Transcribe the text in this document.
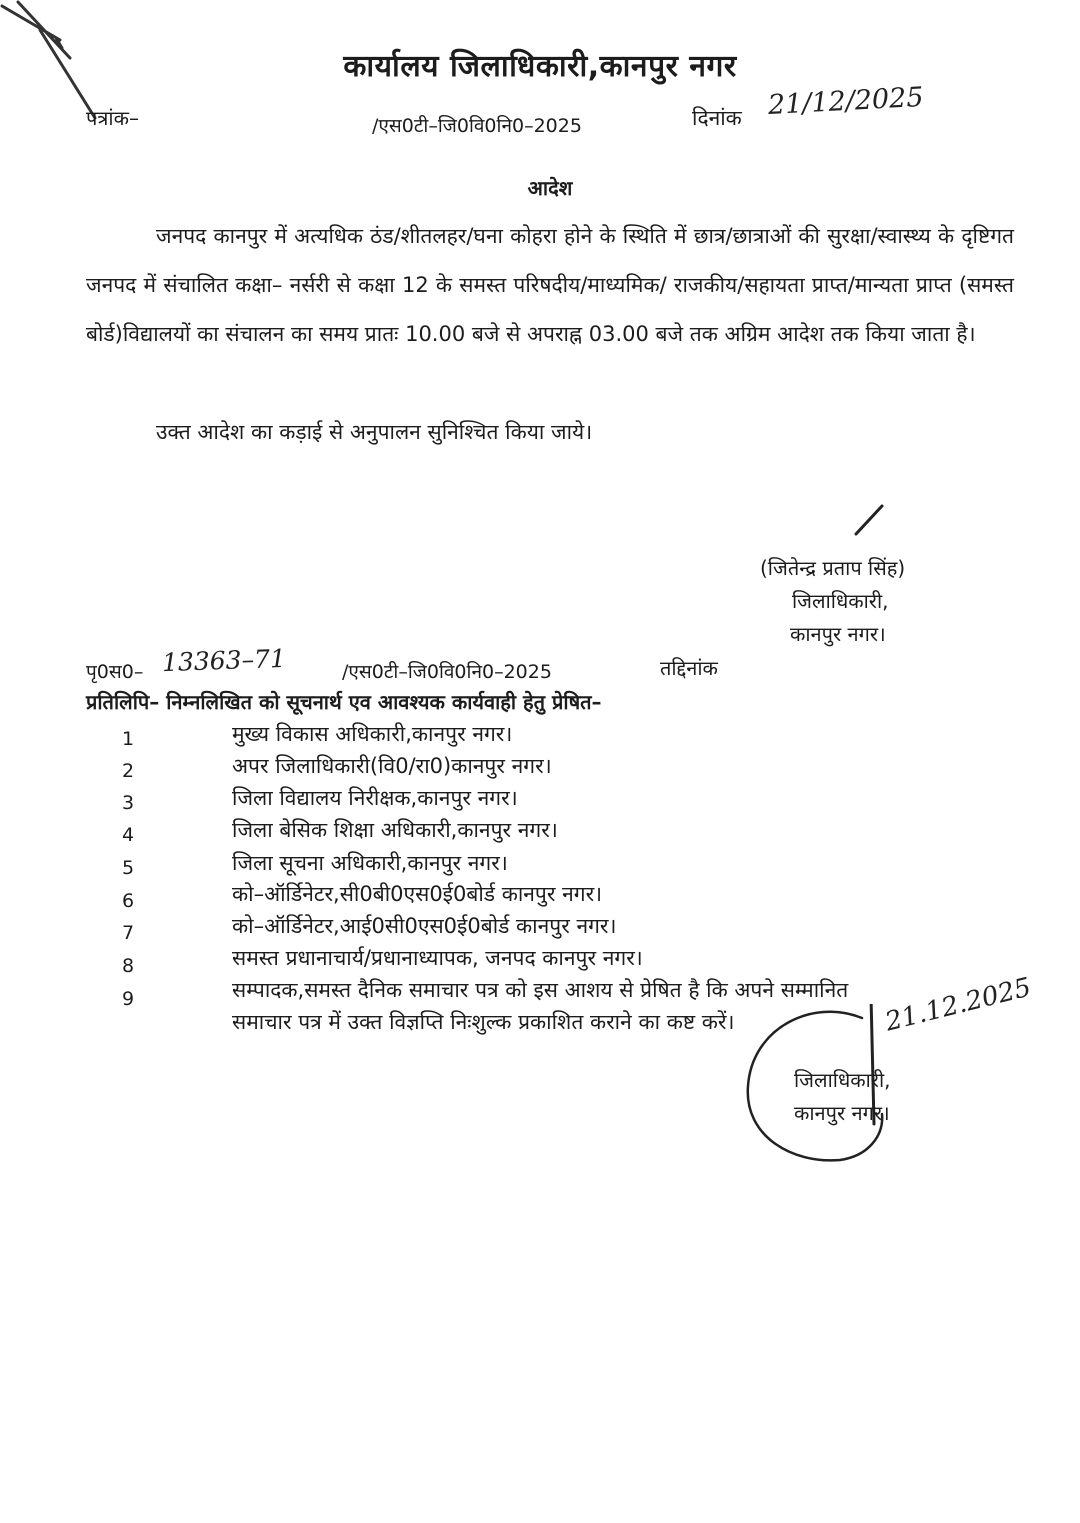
कार्यालय जिलाधिकारी,कानपुर नगर
पत्रांक–	/एस0टी–जि0वि0नि0–2025	दिनांक 21/12/2025
आदेश
जनपद कानपुर में अत्यधिक ठंड/शीतलहर/घना कोहरा होने के स्थिति में छात्र/छात्राओं की सुरक्षा/स्वास्थ्य के दृष्टिगत जनपद में संचालित कक्षा– नर्सरी से कक्षा 12 के समस्त परिषदीय/माध्यमिक/ राजकीय/सहायता प्राप्त/मान्यता प्राप्त (समस्त बोर्ड)विद्यालयों का संचालन का समय प्रातः 10.00 बजे से अपराह्न 03.00 बजे तक अग्रिम आदेश तक किया जाता है।
उक्त आदेश का कड़ाई से अनुपालन सुनिश्चित किया जाये।
(जितेन्द्र प्रताप सिंह)
जिलाधिकारी,
कानपुर नगर।
पृ0स0– 13363–71	/एस0टी–जि0वि0नि0–2025	तद्दिनांक
प्रतिलिपि– निम्नलिखित को सूचनार्थ एव आवश्यक कार्यवाही हेतु प्रेषित–
1	मुख्य विकास अधिकारी,कानपुर नगर।
2	अपर जिलाधिकारी(वि0/रा0)कानपुर नगर।
3	जिला विद्यालय निरीक्षक,कानपुर नगर।
4	जिला बेसिक शिक्षा अधिकारी,कानपुर नगर।
5	जिला सूचना अधिकारी,कानपुर नगर।
6	को–ऑर्डिनेटर,सी0बी0एस0ई0बोर्ड कानपुर नगर।
7	को–ऑर्डिनेटर,आई0सी0एस0ई0बोर्ड कानपुर नगर।
8	समस्त प्रधानाचार्य/प्रधानाध्यापक, जनपद कानपुर नगर।
9	सम्पादक,समस्त दैनिक समाचार पत्र को इस आशय से प्रेषित है कि अपने सम्मानित
समाचार पत्र में उक्त विज्ञप्ति निःशुल्क प्रकाशित कराने का कष्ट करें।	21.12.2025
जिलाधिकारी,
कानपुर नगर।
